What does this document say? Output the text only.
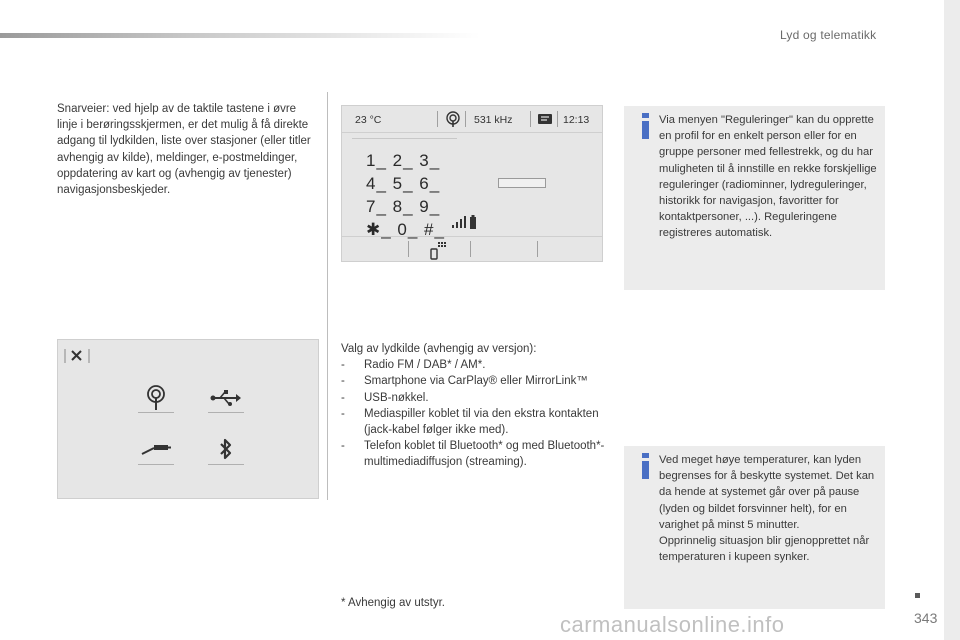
Lyd og telematikk
Snarveier: ved hjelp av de taktile tastene i øvre linje i berøringsskjermen, er det mulig å få direkte adgang til lydkilden, liste over stasjoner (eller titler avhengig av kilde), meldinger, e-postmeldinger, oppdatering av kart og (avhengig av tjenester) navigasjonsbeskjeder.
23 °C	531 kHz	12:13
1_ 2_ 3_
4_ 5_ 6_
7_ 8_ 9_
✱_ 0_ #_
Via menyen "Reguleringer" kan du opprette en profil for en enkelt person eller for en gruppe personer med fellestrekk, og du har muligheten til å innstille en rekke forskjellige reguleringer (radiominner, lydreguleringer, historikk for navigasjon, favoritter for kontaktpersoner, ...). Reguleringene registreres automatisk.
Valg av lydkilde (avhengig av versjon):
- Radio FM / DAB* / AM*.
- Smartphone via CarPlay® eller MirrorLink™
- USB-nøkkel.
- Mediaspiller koblet til via den ekstra kontakten (jack-kabel følger ikke med).
- Telefon koblet til Bluetooth* og med Bluetooth*-multimediadiffusjon (streaming).	Ved meget høye temperaturer, kan lyden begrenses for å beskytte systemet. Det kan da hende at systemet går over på pause (lyden og bildet forsvinner helt), for en varighet på minst 5 minutter.
Opprinnelig situasjon blir gjenopprettet når temperaturen i kupeen synker.
* Avhengig av utstyr.
343
carmanualsonline.info
